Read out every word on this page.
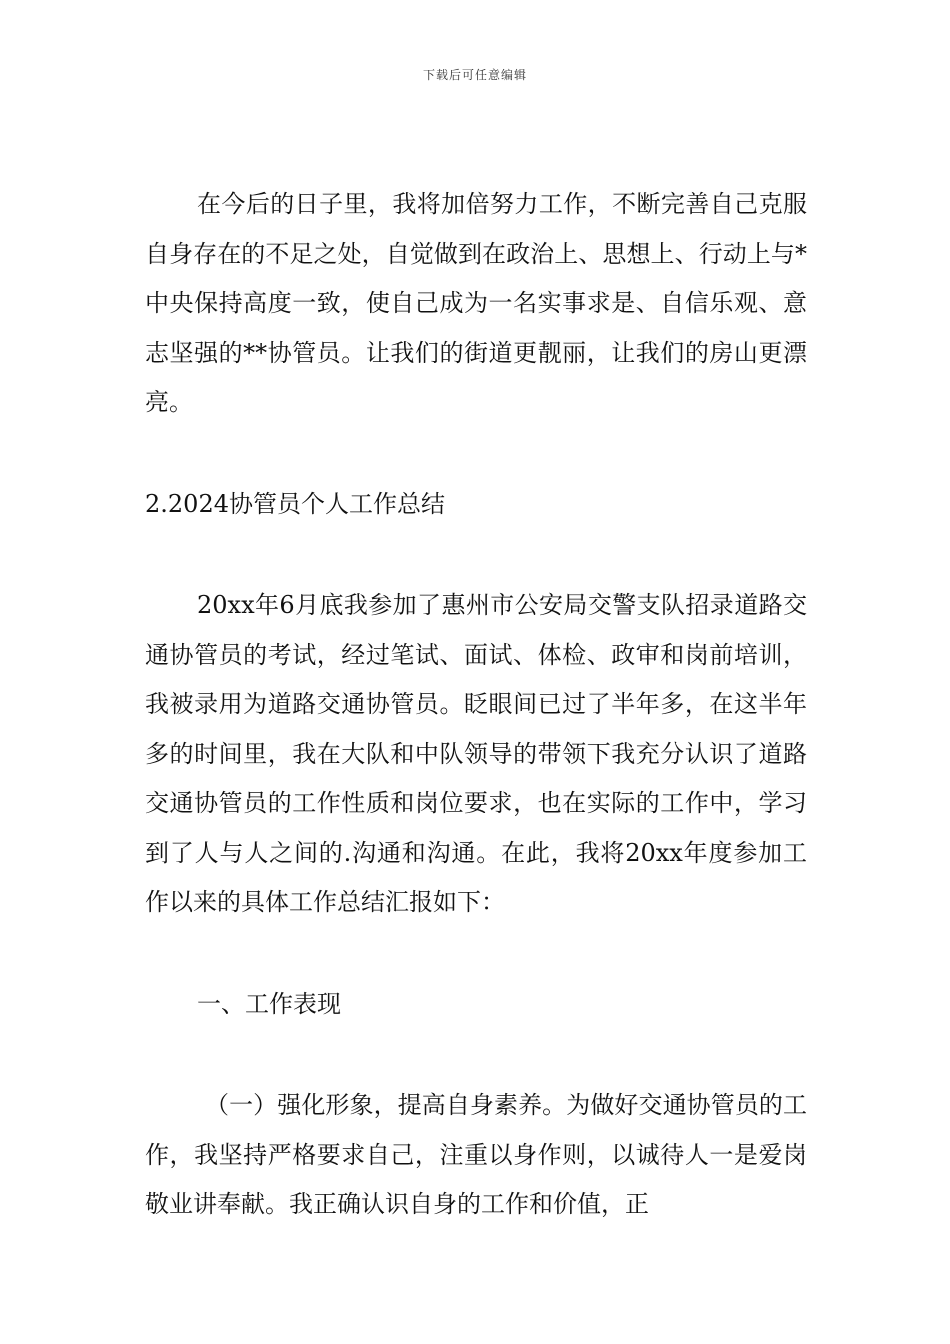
下载后可任意编辑

在今后的日子里，我将加倍努力工作，不断完善自己克服自身存在的不足之处，自觉做到在政治上、思想上、行动上与*中央保持高度一致，使自己成为一名实事求是、自信乐观、意志坚强的**协管员。让我们的街道更靓丽，让我们的房山更漂亮。

2.2024协管员个人工作总结

20xx年6月底我参加了惠州市公安局交警支队招录道路交通协管员的考试，经过笔试、面试、体检、政审和岗前培训，我被录用为道路交通协管员。眨眼间已过了半年多，在这半年多的时间里，我在大队和中队领导的带领下我充分认识了道路交通协管员的工作性质和岗位要求，也在实际的工作中，学习到了人与人之间的.沟通和沟通。在此，我将20xx年度参加工作以来的具体工作总结汇报如下：

一、工作表现

（一）强化形象，提高自身素养。为做好交通协管员的工作，我坚持严格要求自己，注重以身作则，以诚待人一是爱岗敬业讲奉献。我正确认识自身的工作和价值，正
